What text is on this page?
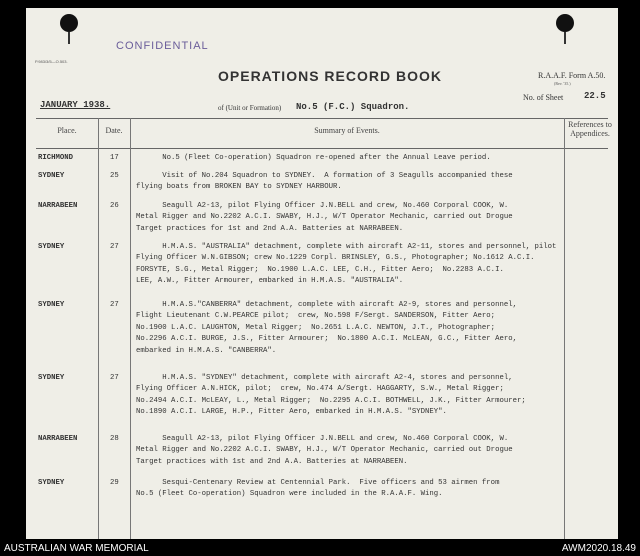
CONFIDENTIAL
P.983/3/5—O.503.
OPERATIONS RECORD BOOK	R.A.A.F. Form A.50.
(Rev. '35.)
No. of Sheet 22.5
JANUARY 1938.	of (Unit or Formation) No.5 (F.C.) Squadron.
Place.	Date.	Summary of Events.
References to Appendices.
RICHMOND	17 No.5 (Fleet Co-operation) Squadron re-opened after the Annual Leave period.
SYDNEY	25 Visit of No.204 Squadron to SYDNEY.  A formation of 3 Seagulls accompanied these
flying boats from BROKEN BAY to SYDNEY HARBOUR.
NARRABEEN	26 Seagull A2-13, pilot Flying Officer J.N.BELL and crew, No.460 Corporal COOK, W.
Metal Rigger and No.2202 A.C.I. SWABY, H.J., W/T Operator Mechanic, carried out Drogue
Target practices for 1st and 2nd A.A. Batteries at NARRABEEN.
SYDNEY	27 H.M.A.S. "AUSTRALIA" detachment, complete with aircraft A2-11, stores and personnel, pilot
Flying Officer W.N.GIBSON; crew No.1229 Corpl. BRINSLEY, G.S., Photographer; No.1612 A.C.I.
FORSYTE, S.G., Metal Rigger;  No.1900 L.A.C. LEE, C.H., Fitter Aero;  No.2283 A.C.I.
LEE, A.W., Fitter Armourer, embarked in H.M.A.S. "AUSTRALIA".
SYDNEY	27 H.M.A.S."CANBERRA" detachment, complete with aircraft A2-9, stores and personnel,
Flight Lieutenant C.W.PEARCE pilot;  crew, No.598 F/Sergt. SANDERSON, Fitter Aero;
No.1900 L.A.C. LAUGHTON, Metal Rigger;  No.2651 L.A.C. NEWTON, J.T., Photographer;
No.2296 A.C.I. BURGE, J.S., Fitter Armourer;  No.1800 A.C.I. McLEAN, G.C., Fitter Aero,
embarked in H.M.A.S. "CANBERRA".
SYDNEY	27 H.M.A.S. "SYDNEY" detachment, complete with aircraft A2-4, stores and personnel,
Flying Officer A.N.HICK, pilot;  crew, No.474 A/Sergt. HAGGARTY, S.W., Metal Rigger;
No.2494 A.C.I. McLEAY, L., Metal Rigger;  No.2295 A.C.I. BOTHWELL, J.K., Fitter Armourer;
No.1890 A.C.I. LARGE, H.P., Fitter Aero, embarked in H.M.A.S. "SYDNEY".
NARRABEEN	28 Seagull A2-13, pilot Flying Officer J.N.BELL and crew, No.460 Corporal COOK, W.
Metal Rigger and No.2202 A.C.I. SWABY, H.J., W/T Operator Mechanic, carried out Drogue
Target practices with 1st and 2nd A.A. Batteries at NARRABEEN.
SYDNEY	29 Sesqui-Centenary Review at Centennial Park.  Five officers and 53 airmen from
No.5 (Fleet Co-operation) Squadron were included in the R.A.A.F. Wing.
AUSTRALIAN WAR MEMORIAL	AWM2020.18.49
